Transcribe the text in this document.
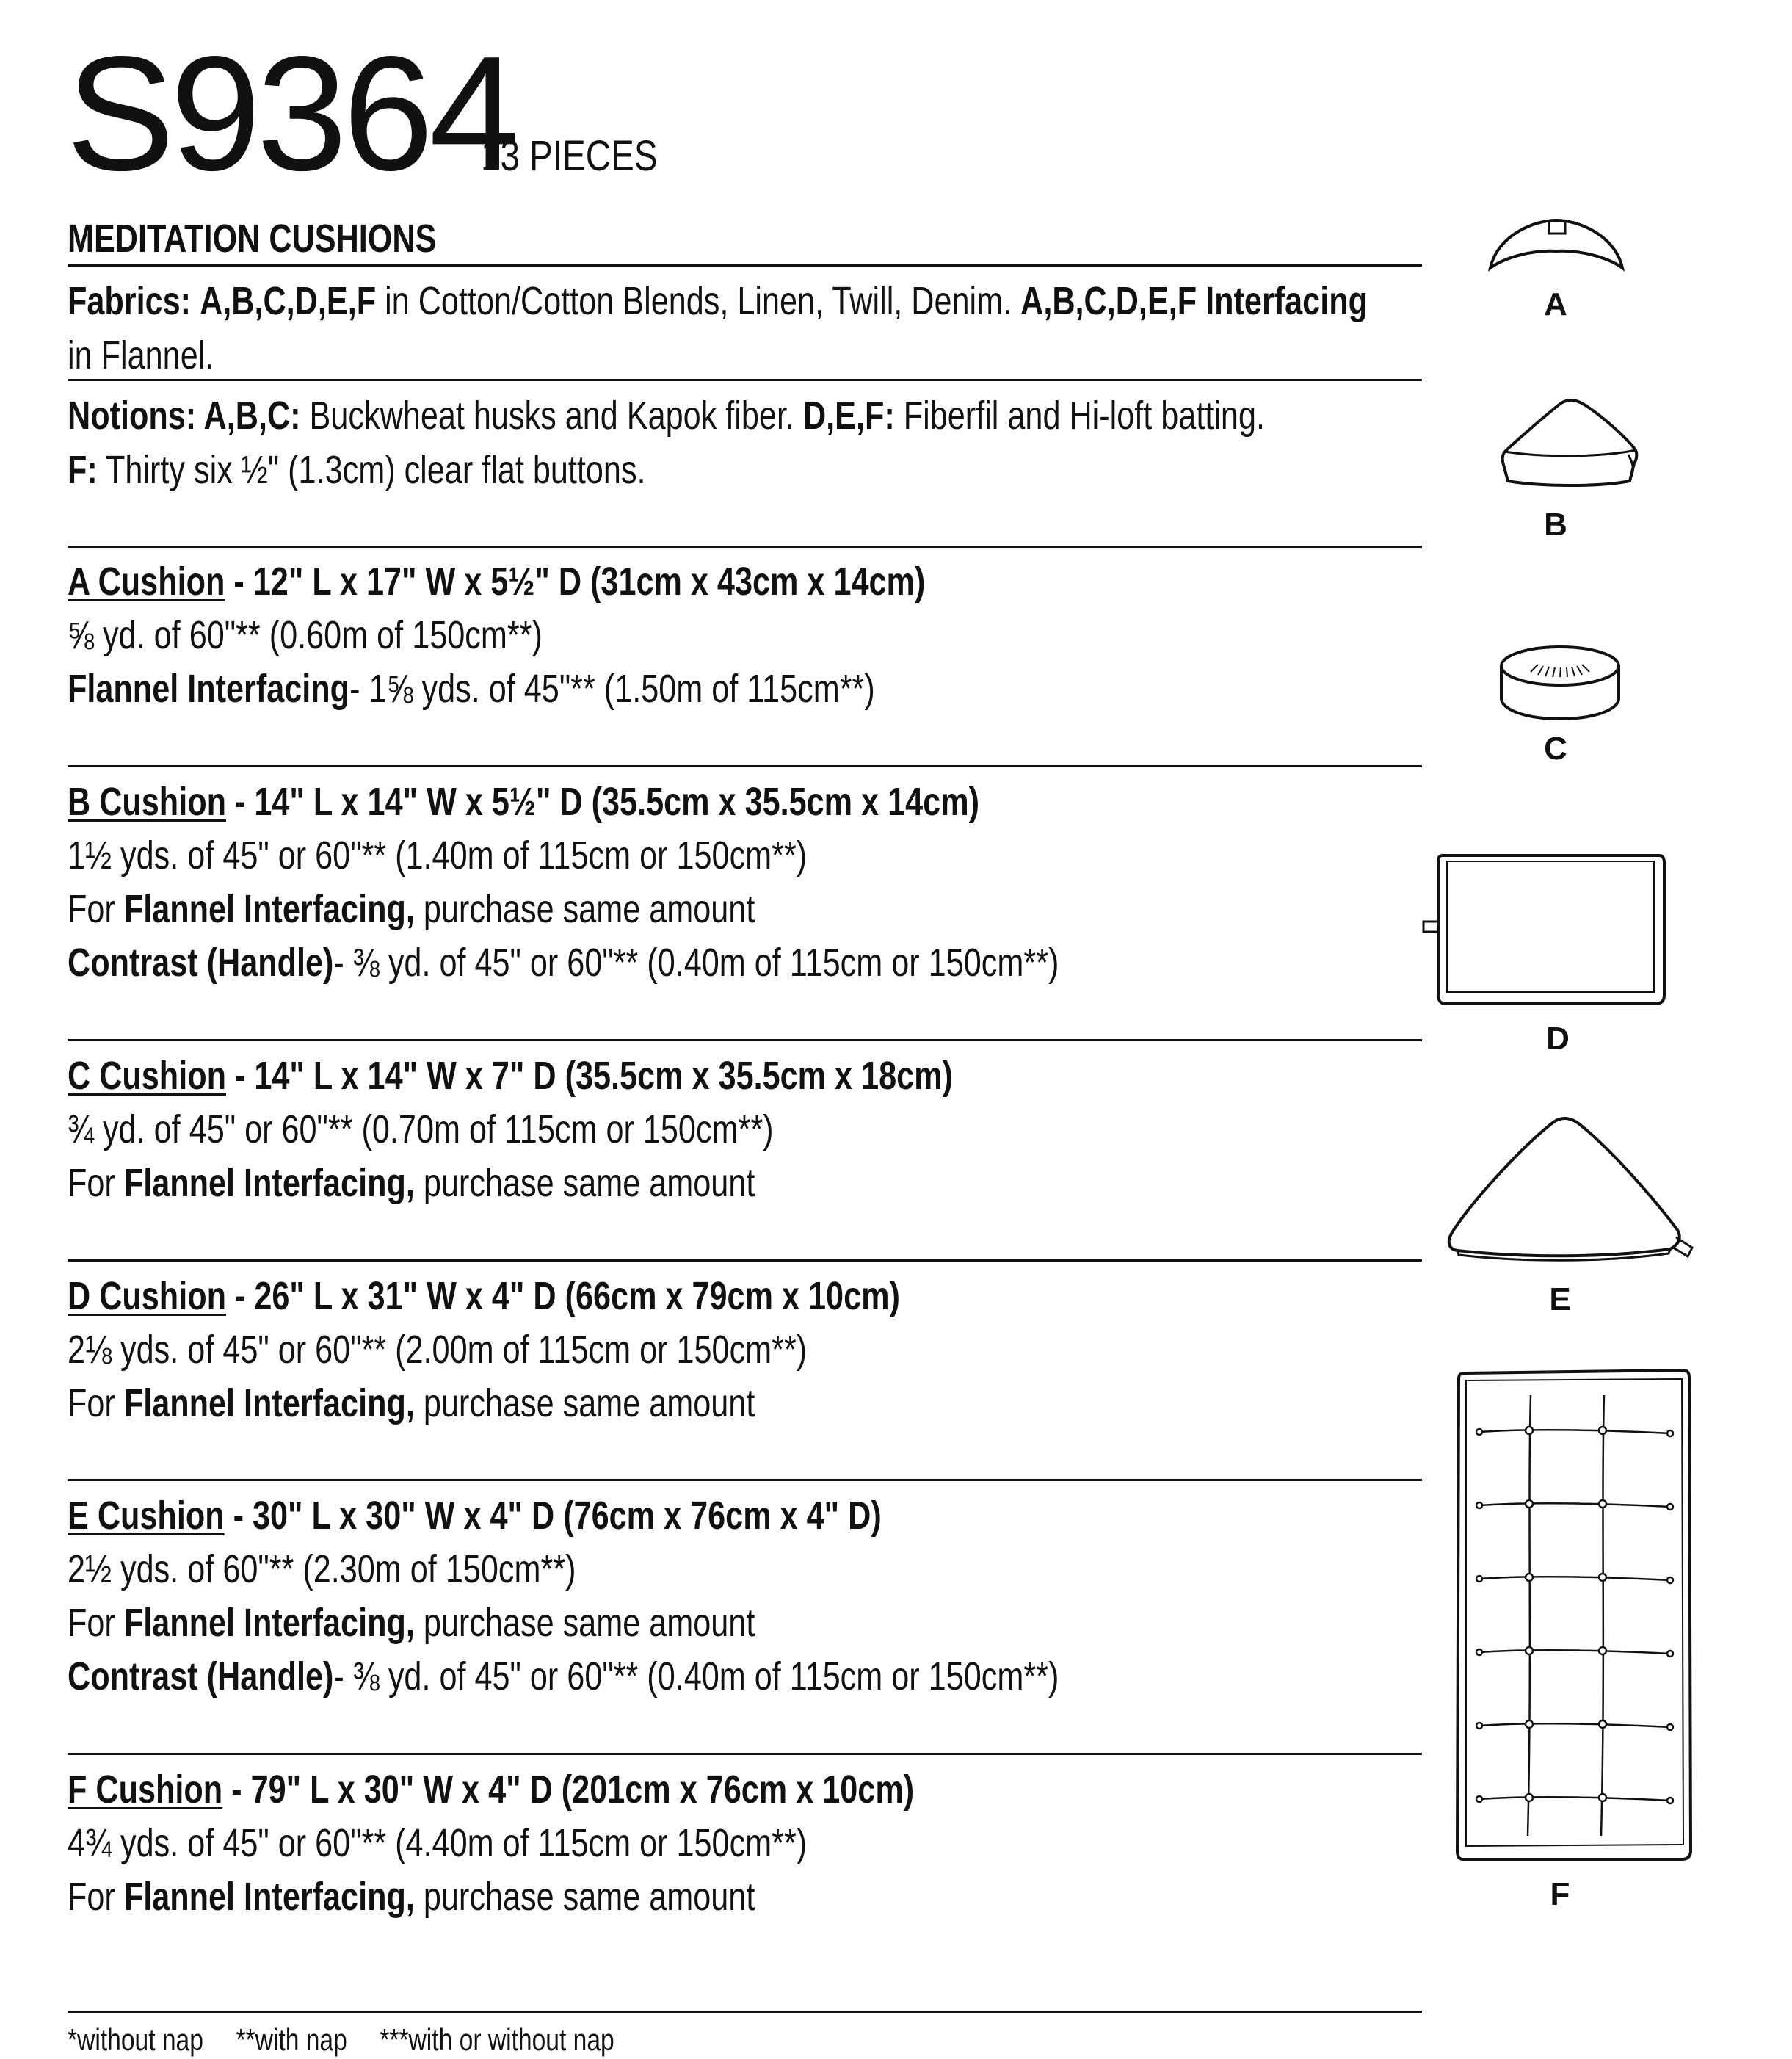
S9364
13 PIECES
MEDITATION CUSHIONS
Fabrics: A,B,C,D,E,F in Cotton/Cotton Blends, Linen, Twill, Denim. A,B,C,D,E,F Interfacing
in Flannel.
Notions: A,B,C: Buckwheat husks and Kapok fiber. D,E,F: Fiberfil and Hi-loft batting.
F: Thirty six ½" (1.3cm) clear flat buttons.
A Cushion - 12" L x 17" W x 5½" D (31cm x 43cm x 14cm)
⅝ yd. of 60"** (0.60m of 150cm**)
Flannel Interfacing- 1⅝ yds. of 45"** (1.50m of 115cm**)
B Cushion - 14" L x 14" W x 5½" D (35.5cm x 35.5cm x 14cm)
1½ yds. of 45" or 60"** (1.40m of 115cm or 150cm**)
For Flannel Interfacing, purchase same amount
Contrast (Handle)- ⅜ yd. of 45" or 60"** (0.40m of 115cm or 150cm**)
C Cushion - 14" L x 14" W x 7" D (35.5cm x 35.5cm x 18cm)
¾ yd. of 45" or 60"** (0.70m of 115cm or 150cm**)
For Flannel Interfacing, purchase same amount
D Cushion - 26" L x 31" W x 4" D (66cm x 79cm x 10cm)
2⅛ yds. of 45" or 60"** (2.00m of 115cm or 150cm**)
For Flannel Interfacing, purchase same amount
E Cushion - 30" L x 30" W x 4" D (76cm x 76cm x 4" D)
2½ yds. of 60"** (2.30m of 150cm**)
For Flannel Interfacing, purchase same amount
Contrast (Handle)- ⅜ yd. of 45" or 60"** (0.40m of 115cm or 150cm**)
F Cushion - 79" L x 30" W x 4" D (201cm x 76cm x 10cm)
4¾ yds. of 45" or 60"** (4.40m of 115cm or 150cm**)
For Flannel Interfacing, purchase same amount
*without nap **with nap ***with or without nap
A
B
C
D
E
F
